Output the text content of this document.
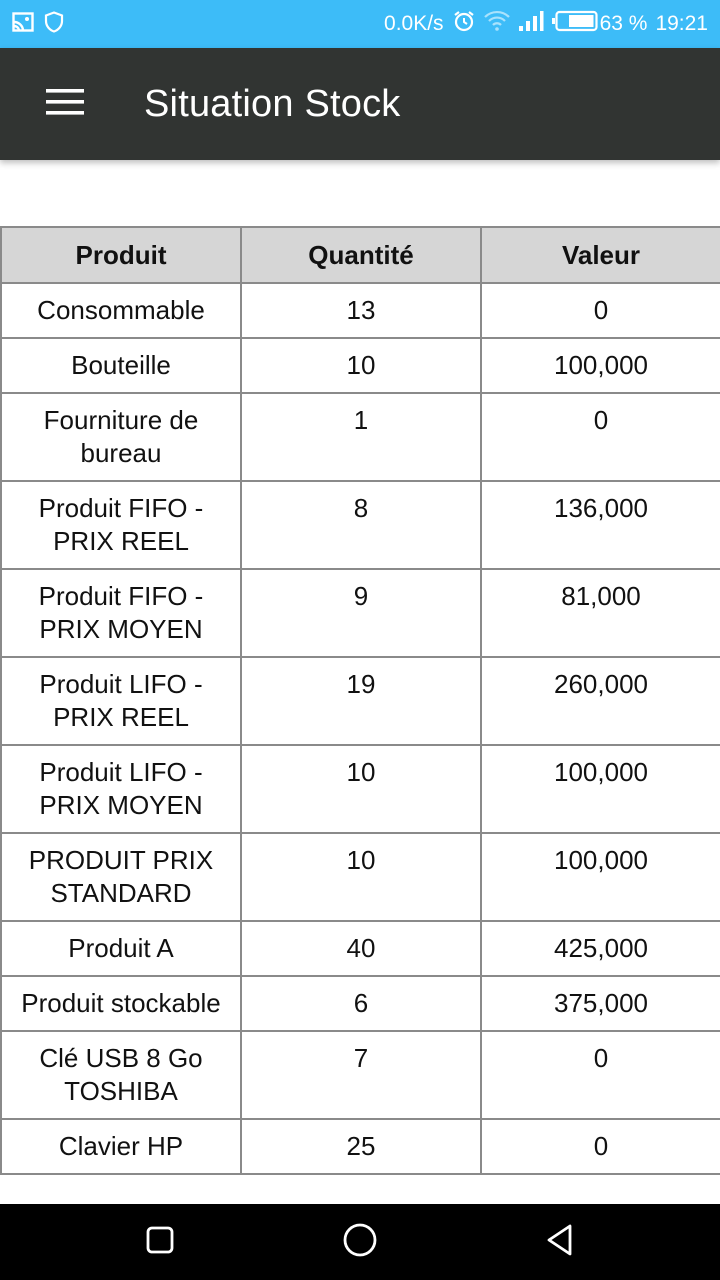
0.0K/s	63 % 19:21
Situation Stock
Produit	Quantité	Valeur
Consommable	13	0
Bouteille	10	100,000
Fourniture de bureau	1	0
Produit FIFO - PRIX REEL	8	136,000
Produit FIFO - PRIX MOYEN	9	81,000
Produit LIFO - PRIX REEL	19	260,000
Produit LIFO - PRIX MOYEN	10	100,000
PRODUIT PRIX STANDARD	10	100,000
Produit A	40	425,000
Produit stockable	6	375,000
Clé USB 8 Go TOSHIBA	7	0
Clavier HP	25	0
